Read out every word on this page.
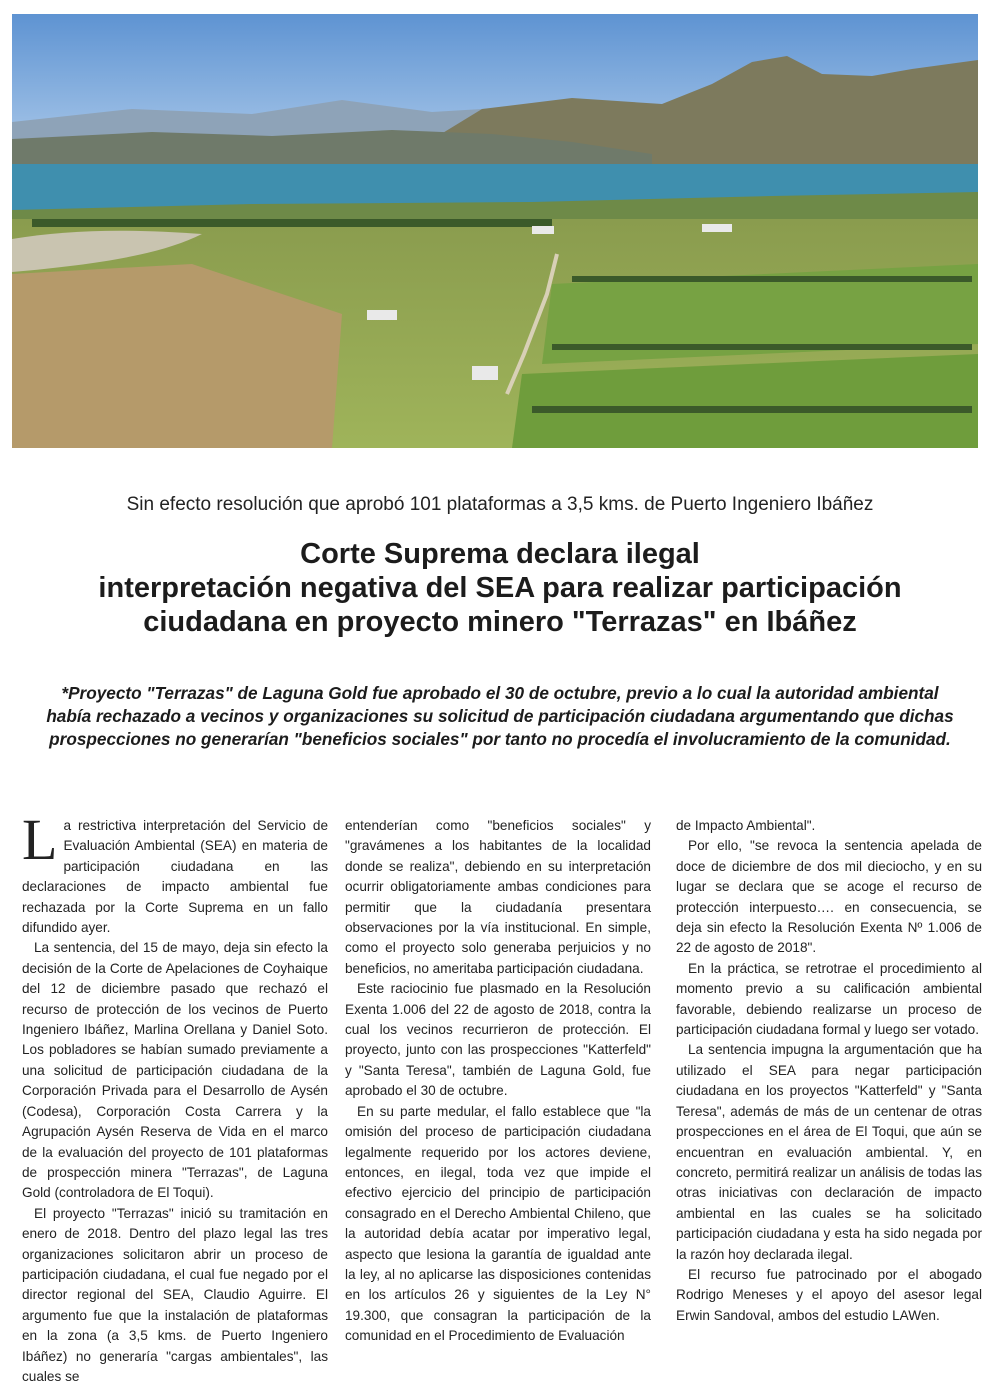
Sin efecto resolución que aprobó 101 plataformas a 3,5 kms. de Puerto Ingeniero Ibáñez
Corte Suprema declara ilegal
interpretación negativa del SEA para realizar participación
ciudadana en proyecto minero "Terrazas" en Ibáñez
*Proyecto "Terrazas" de Laguna Gold fue aprobado el 30 de octubre, previo a lo cual la autoridad ambiental
había rechazado a vecinos y organizaciones su solicitud de participación ciudadana argumentando que dichas
prospecciones no generarían "beneficios sociales" por tanto no procedía el involucramiento de la comunidad.

La restrictiva interpretación del Servicio de Evaluación Ambiental (SEA) en materia de participación ciudadana en las declaraciones de impacto ambiental fue rechazada por la Corte Suprema en un fallo difundido ayer.

La sentencia, del 15 de mayo, deja sin efecto la decisión de la Corte de Apelaciones de Coyhaique del 12 de diciembre pasado que rechazó el recurso de protección de los vecinos de Puerto Ingeniero Ibáñez, Marlina Orellana y Daniel Soto. Los pobladores se habían sumado previamente a una solicitud de participación ciudadana de la Corporación Privada para el Desarrollo de Aysén (Codesa), Corporación Costa Carrera y la Agrupación Aysén Reserva de Vida en el marco de la evaluación del proyecto de 101 plataformas de prospección minera "Terrazas", de Laguna Gold (controladora de El Toqui).

El proyecto "Terrazas" inició su tramitación en enero de 2018. Dentro del plazo legal las tres organizaciones solicitaron abrir un proceso de participación ciudadana, el cual fue negado por el director regional del SEA, Claudio Aguirre. El argumento fue que la instalación de plataformas en la zona (a 3,5 kms. de Puerto Ingeniero Ibáñez) no generaría "cargas ambientales", las cuales se

entenderían como "beneficios sociales" y "gravámenes a los habitantes de la localidad donde se realiza", debiendo en su interpretación ocurrir obligatoriamente ambas condiciones para permitir que la ciudadanía presentara observaciones por la vía institucional. En simple, como el proyecto solo generaba perjuicios y no beneficios, no ameritaba participación ciudadana.

Este raciocinio fue plasmado en la Resolución Exenta 1.006 del 22 de agosto de 2018, contra la cual los vecinos recurrieron de protección. El proyecto, junto con las prospecciones "Katterfeld" y "Santa Teresa", también de Laguna Gold, fue aprobado el 30 de octubre.

En su parte medular, el fallo establece que "la omisión del proceso de participación ciudadana legalmente requerido por los actores deviene, entonces, en ilegal, toda vez que impide el efectivo ejercicio del principio de participación consagrado en el Derecho Ambiental Chileno, que la autoridad debía acatar por imperativo legal, aspecto que lesiona la garantía de igualdad ante la ley, al no aplicarse las disposiciones contenidas en los artículos 26 y siguientes de la Ley N° 19.300, que consagran la participación de la comunidad en el Procedimiento de Evaluación

de Impacto Ambiental".

Por ello, "se revoca la sentencia apelada de doce de diciembre de dos mil dieciocho, y en su lugar se declara que se acoge el recurso de protección interpuesto…. en consecuencia, se deja sin efecto la Resolución Exenta Nº 1.006 de 22 de agosto de 2018".

En la práctica, se retrotrae el procedimiento al momento previo a su calificación ambiental favorable, debiendo realizarse un proceso de participación ciudadana formal y luego ser votado.

La sentencia impugna la argumentación que ha utilizado el SEA para negar participación ciudadana en los proyectos "Katterfeld" y "Santa Teresa", además de más de un centenar de otras prospecciones en el área de El Toqui, que aún se encuentran en evaluación ambiental. Y, en concreto, permitirá realizar un análisis de todas las otras iniciativas con declaración de impacto ambiental en las cuales se ha solicitado participación ciudadana y esta ha sido negada por la razón hoy declarada ilegal.

El recurso fue patrocinado por el abogado Rodrigo Meneses y el apoyo del asesor legal Erwin Sandoval, ambos del estudio LAWen.
